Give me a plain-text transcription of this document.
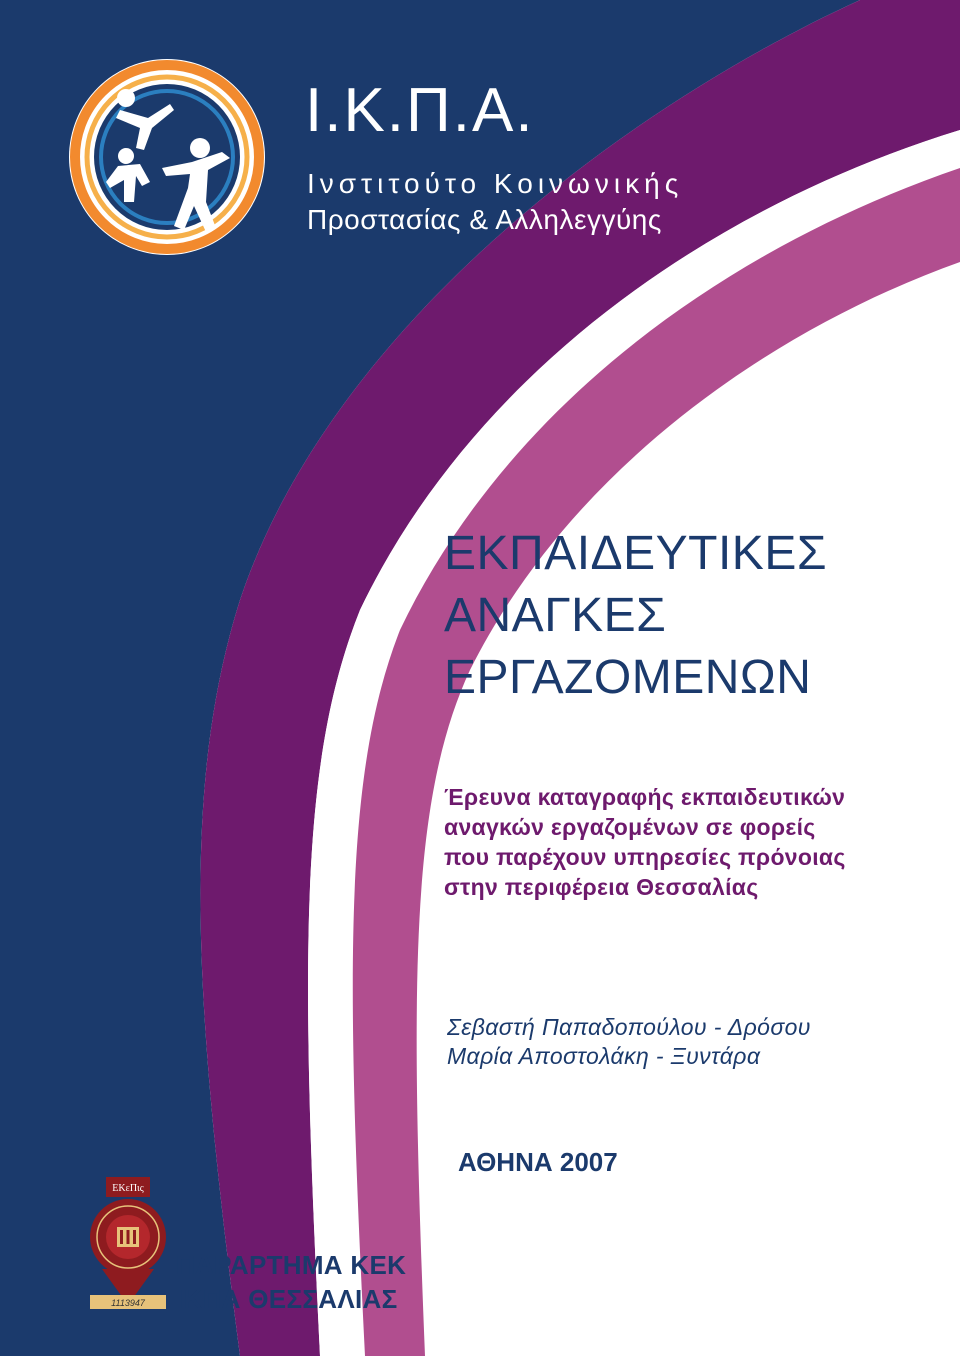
Ι.Κ.Π.Α.
Ινστιτούτο Κοινωνικής
Προστασίας & Αλληλεγγύης
ΕΚΠΑΙΔΕΥΤΙΚΕΣ
ΑΝΑΓΚΕΣ
ΕΡΓΑΖΟΜΕΝΩΝ
Έρευνα καταγραφής εκπαιδευτικών
αναγκών εργαζομένων σε φορείς
που παρέχουν υπηρεσίες πρόνοιας
στην περιφέρεια Θεσσαλίας
Σεβαστή Παπαδοπούλου - Δρόσου
Μαρία Αποστολάκη - Ξυντάρα
ΑΘΗΝΑ 2007
ΕΚεΠις
1113947
ΠΑΡΑΡΤΗΜΑ ΚΕΚ
ΙΚΠΑ ΘΕΣΣΑΛΙΑΣ
